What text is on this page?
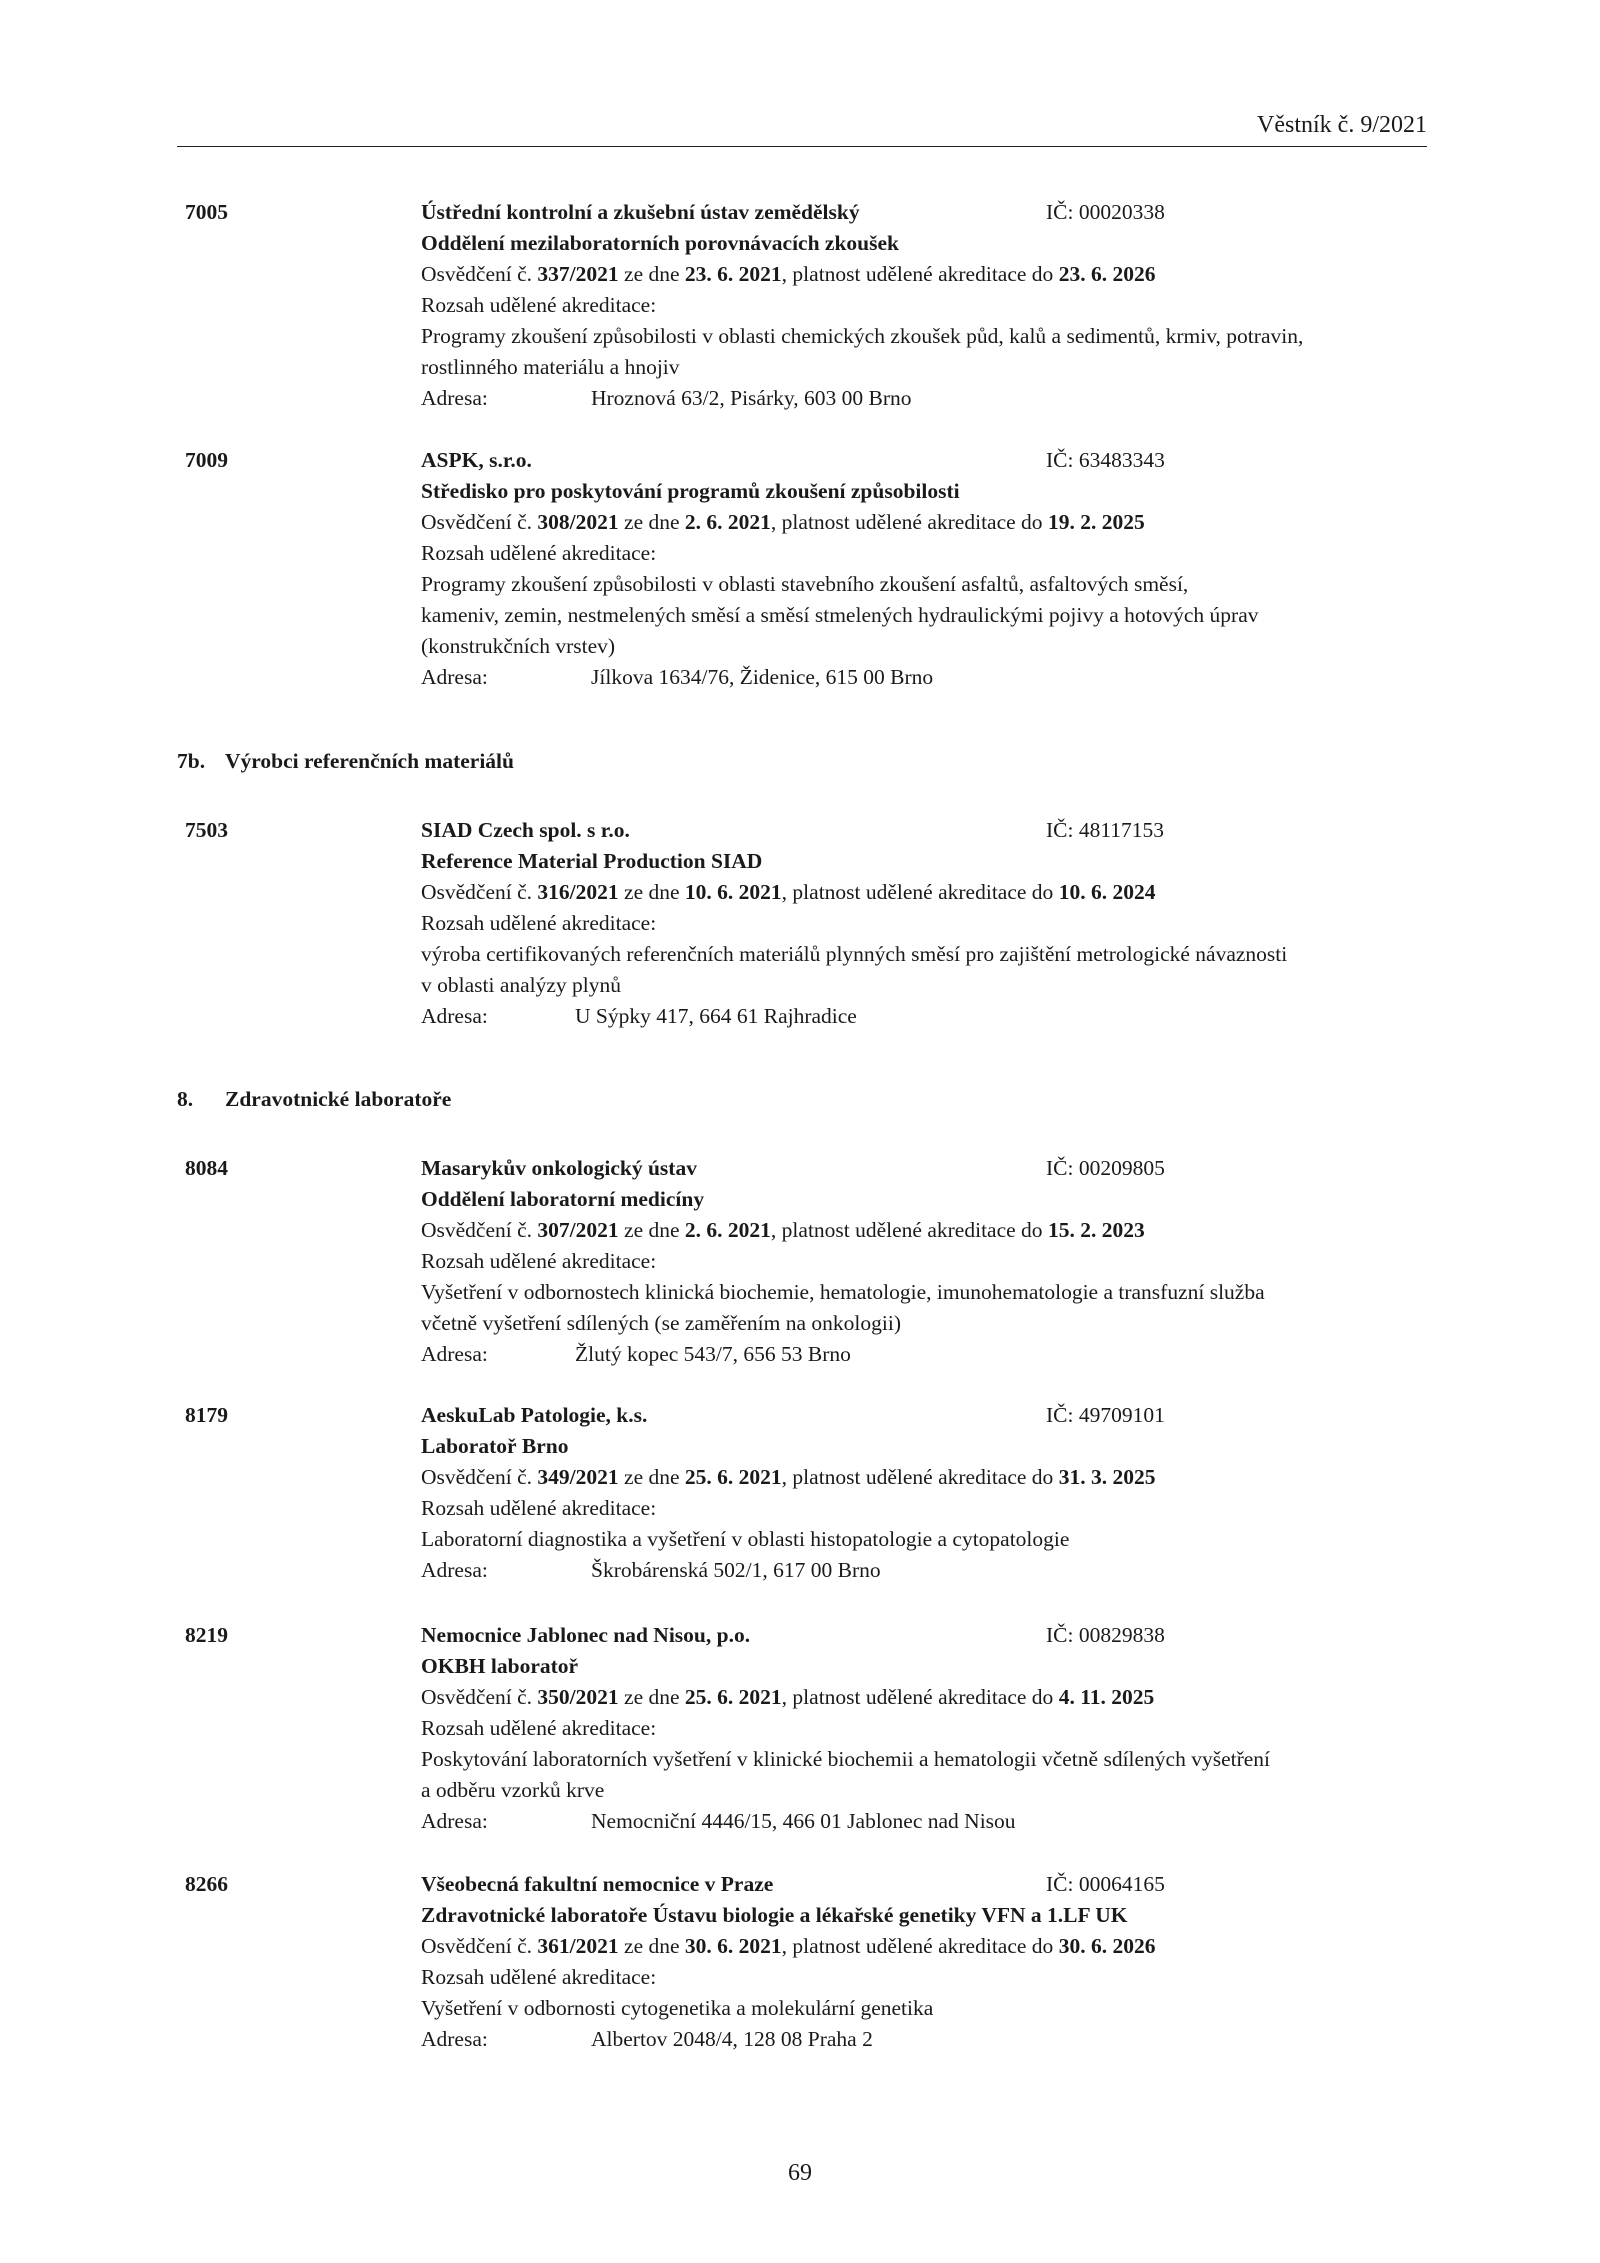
Věstník č. 9/2021
7005	Ústřední kontrolní a zkušební ústav zemědělský	IČ: 00020338
Oddělení mezilaboratorních porovnávacích zkoušek
Osvědčení č. 337/2021 ze dne 23. 6. 2021, platnost udělené akreditace do 23. 6. 2026
Rozsah udělené akreditace:
Programy zkoušení způsobilosti v oblasti chemických zkoušek půd, kalů a sedimentů, krmiv, potravin,
rostlinného materiálu a hnojiv
Adresa:	Hroznová 63/2, Pisárky, 603 00 Brno
7009	ASPK, s.r.o.	IČ: 63483343
Středisko pro poskytování programů zkoušení způsobilosti
Osvědčení č. 308/2021 ze dne 2. 6. 2021, platnost udělené akreditace do 19. 2. 2025
Rozsah udělené akreditace:
Programy zkoušení způsobilosti v oblasti stavebního zkoušení asfaltů, asfaltových směsí,
kameniv, zemin, nestmelených směsí a směsí stmelených hydraulickými pojivy a hotových úprav
(konstrukčních vrstev)
Adresa:	Jílkova 1634/76, Židenice, 615 00 Brno
7b. Výrobci referenčních materiálů
7503	SIAD Czech spol. s r.o.	IČ: 48117153
Reference Material Production SIAD
Osvědčení č. 316/2021 ze dne 10. 6. 2021, platnost udělené akreditace do 10. 6. 2024
Rozsah udělené akreditace:
výroba certifikovaných referenčních materiálů plynných směsí pro zajištění metrologické návaznosti
v oblasti analýzy plynů
Adresa:	U Sýpky 417, 664 61 Rajhradice
8. Zdravotnické laboratoře
8084	Masarykův onkologický ústav	IČ: 00209805
Oddělení laboratorní medicíny
Osvědčení č. 307/2021 ze dne 2. 6. 2021, platnost udělené akreditace do 15. 2. 2023
Rozsah udělené akreditace:
Vyšetření v odbornostech klinická biochemie, hematologie, imunohematologie a transfuzní služba
včetně vyšetření sdílených (se zaměřením na onkologii)
Adresa:	Žlutý kopec 543/7, 656 53 Brno
8179	AeskuLab Patologie, k.s.	IČ: 49709101
Laboratoř Brno
Osvědčení č. 349/2021 ze dne 25. 6. 2021, platnost udělené akreditace do 31. 3. 2025
Rozsah udělené akreditace:
Laboratorní diagnostika a vyšetření v oblasti histopatologie a cytopatologie
Adresa:	Škrobárenská 502/1, 617 00 Brno
8219	Nemocnice Jablonec nad Nisou, p.o.	IČ: 00829838
OKBH laboratoř
Osvědčení č. 350/2021 ze dne 25. 6. 2021, platnost udělené akreditace do 4. 11. 2025
Rozsah udělené akreditace:
Poskytování laboratorních vyšetření v klinické biochemii a hematologii včetně sdílených vyšetření
a odběru vzorků krve
Adresa:	Nemocniční 4446/15, 466 01 Jablonec nad Nisou
8266	Všeobecná fakultní nemocnice v Praze	IČ: 00064165
Zdravotnické laboratoře Ústavu biologie a lékařské genetiky VFN a 1.LF UK
Osvědčení č. 361/2021 ze dne 30. 6. 2021, platnost udělené akreditace do 30. 6. 2026
Rozsah udělené akreditace:
Vyšetření v odbornosti cytogenetika a molekulární genetika
Adresa:	Albertov 2048/4, 128 08 Praha 2
69
